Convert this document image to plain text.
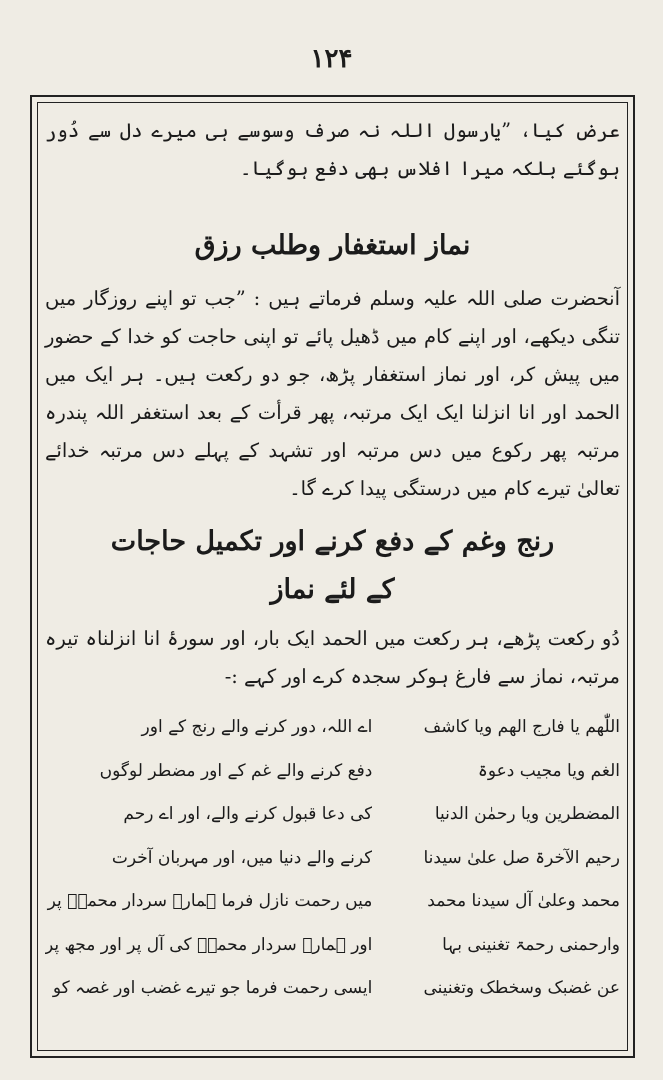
۱۲۴

عرض کیا، ”یارسول اللہ نہ صرف وسوسے ہی میرے دل سے دُور ہوگئے بلکہ میرا افلاس بھی دفع ہوگیا۔

نماز استغفار وطلب رزق

آنحضرت صلی اللہ علیہ وسلم فرماتے ہیں : ”جب تو اپنے روزگار میں تنگی دیکھے، اور اپنے کام میں ڈھیل پائے تو اپنی حاجت کو خدا کے حضور میں پیش کر، اور نماز استغفار پڑھ، جو دو رکعت ہیں۔ ہر ایک میں الحمد اور انا انزلنا ایک ایک مرتبہ، پھر قرأت کے بعد استغفر اللہ پندرہ مرتبہ پھر رکوع میں دس مرتبہ اور تشہد کے پہلے دس مرتبہ خدائے تعالیٰ تیرے کام میں درستگی پیدا کرے گا۔

رنج وغم کے دفع کرنے اور تکمیل حاجات
کے لئے نماز

دُو رکعت پڑھے، ہر رکعت میں الحمد ایک بار، اور سورۂ انا انزلناہ تیرہ مرتبہ، نماز سے فارغ ہوکر سجدہ کرے اور کہے :-

اللّٰھم یا فارج الھم ویا کاشف
الغم ویا مجیب دعوۃ
المضطرین ویا رحمٰن الدنیا
رحیم الآخرۃ صل علیٰ سیدنا
محمد وعلیٰ آل سیدنا محمد
وارحمنی رحمۃ تغنینی بہا
عن غضبک وسخطک وتغنینی
اے اللہ، دور کرنے والے رنج کے اور
دفع کرنے والے غم کے اور مضطر لوگوں
کی دعا قبول کرنے والے، اور اے رحم
کرنے والے دنیا میں، اور مہربان آخرت
میں رحمت نازل فرما ہمارے سردار محمدؐ پر
اور ہمارے سردار محمدؐ کی آل پر اور مجھ پر
ایسی رحمت فرما جو تیرے غضب اور غصہ کو
